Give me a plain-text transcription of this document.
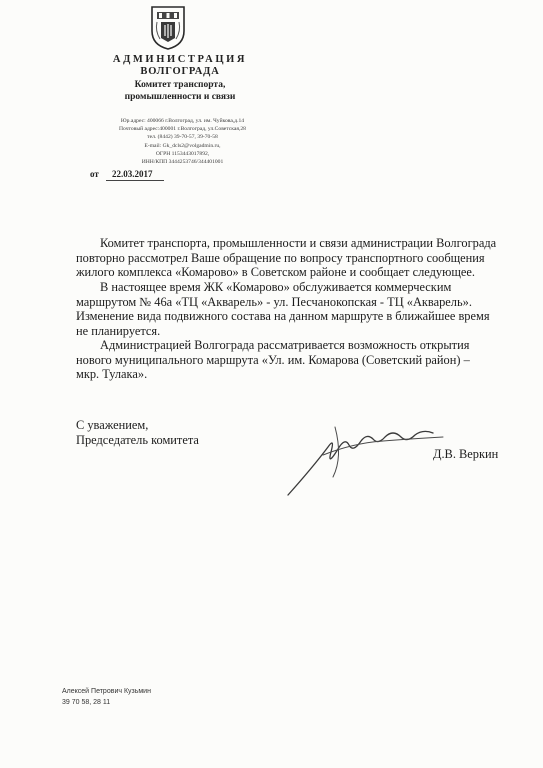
АДМИНИСТРАЦИЯ
ВОЛГОГРАДА
Комитет транспорта,
промышленности и связи
Юр.адрес: 400066 г.Волгоград, ул. им. Чуйкова,д.14
Почтовый адрес:400001 г.Волгоград, ул.Советская,28
тел. (8442) 39-70-57, 39-70-58
E-mail: Gk_dcls2@volgadmin.ru,
ОГРН 1153443017892,
ИНН/КПП 3444253746/344401001
от 22.03.2017
Комитет транспорта, промышленности и связи администрации Волгограда
повторно рассмотрел Ваше обращение по вопросу транспортного сообщения
жилого комплекса «Комарово» в Советском районе и сообщает следующее.
В настоящее время ЖК «Комарово» обслуживается коммерческим
маршрутом № 46а «ТЦ «Акварель» - ул. Песчанокопская - ТЦ «Акварель».
Изменение вида подвижного состава на данном маршруте в ближайшее время
не планируется.
Администрацией Волгограда рассматривается возможность открытия
нового муниципального маршрута «Ул. им. Комарова (Советский район) –
мкр. Тулака».
С уважением,
Председатель комитета
Д.В. Веркин
Алексей Петрович Кузьмин
39 70 58, 28 11
